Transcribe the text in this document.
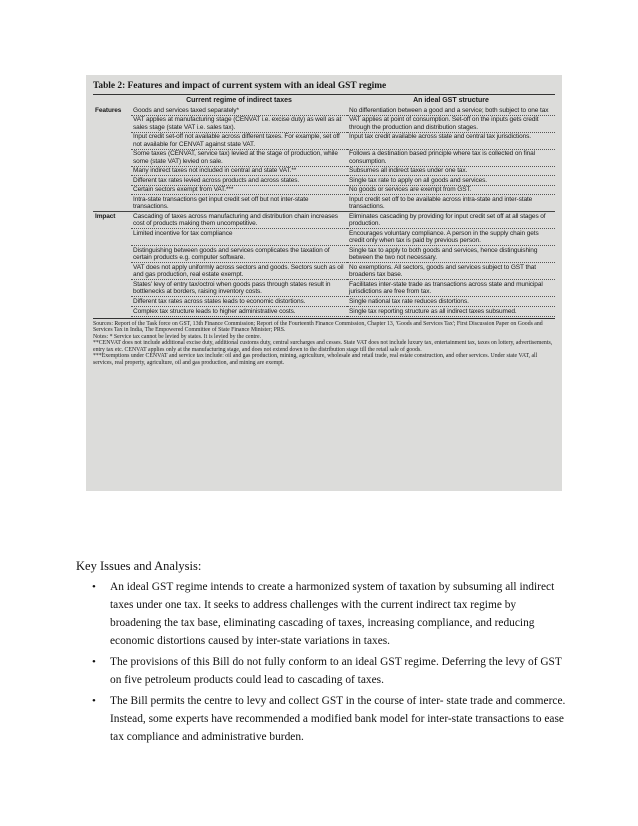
Table 2: Features and impact of current system with an ideal GST regime
	Current regime of indirect taxes	An ideal GST structure
Features	Goods and services taxed separately*	No differentiation between a good and a service; both subject to one tax
	VAT applies at manufacturing stage (CENVAT i.e. excise duty) as well as at sales stage (state VAT i.e. sales tax).	VAT applies at point of consumption. Set-off on the inputs gets credit through the production and distribution stages.
	Input credit set-off not available across different taxes. For example, set off not available for CENVAT against state VAT.	Input tax credit available across state and central tax jurisdictions.
	Some taxes (CENVAT, service tax) levied at the stage of production, while some (state VAT) levied on sale.	Follows a destination based principle where tax is collected on final consumption.
	Many indirect taxes not included in central and state VAT.**	Subsumes all indirect taxes under one tax.
	Different tax rates levied across products and across states.	Single tax rate to apply on all goods and services.
	Certain sectors exempt from VAT.***	No goods or services are exempt from GST.
	Intra-state transactions get input credit set off but not inter-state transactions.	Input credit set off to be available across intra-state and inter-state transactions.
Impact	Cascading of taxes across manufacturing and distribution chain increases cost of products making them uncompetitive.	Eliminates cascading by providing for input credit set off at all stages of production.
	Limited incentive for tax compliance	Encourages voluntary compliance. A person in the supply chain gets credit only when tax is paid by previous person.
	Distinguishing between goods and services complicates the taxation of certain products e.g. computer software.	Single tax to apply to both goods and services, hence distinguishing between the two not necessary.
	VAT does not apply uniformly across sectors and goods. Sectors such as oil and gas production, real estate exempt.	No exemptions. All sectors, goods and services subject to GST that broadens tax base.
	States' levy of entry tax/octroi when goods pass through states result in bottlenecks at borders, raising inventory costs.	Facilitates inter-state trade as transactions across state and municipal jurisdictions are free from tax.
	Different tax rates across states leads to economic distortions.	Single national tax rate reduces distortions.
	Complex tax structure leads to higher administrative costs.	Single tax reporting structure as all indirect taxes subsumed.

Sources: Report of the Task force on GST, 13th Finance Commission; Report of the Fourteenth Finance Commission, Chapter 13, 'Goods and Services Tax'; First Discussion Paper on Goods and Services Tax in India, The Empowered Committee of State Finance Minister; PRS.

Notes: * Service tax cannot be levied by states. It is levied by the centre.

**CENVAT does not include additional excise duty, additional customs duty, central surcharges and cesses. State VAT does not include luxury tax, entertainment tax, taxes on lottery, advertisements, entry tax etc. CENVAT applies only at the manufacturing stage, and does not extend down to the distribution stage till the retail sale of goods.

***Exemptions under CENVAT and service tax include: oil and gas production, mining, agriculture, wholesale and retail trade, real estate construction, and other services. Under state VAT, all services, real property, agriculture, oil and gas production, and mining are exempt.

Key Issues and Analysis:
• An ideal GST regime intends to create a harmonized system of taxation by subsuming all indirect taxes under one tax. It seeks to address challenges with the current indirect tax regime by broadening the tax base, eliminating cascading of taxes, increasing compliance, and reducing economic distortions caused by inter-state variations in taxes.
• The provisions of this Bill do not fully conform to an ideal GST regime. Deferring the levy of GST on five petroleum products could lead to cascading of taxes.
• The Bill permits the centre to levy and collect GST in the course of inter- state trade and commerce. Instead, some experts have recommended a modified bank model for inter-state transactions to ease tax compliance and administrative burden.
